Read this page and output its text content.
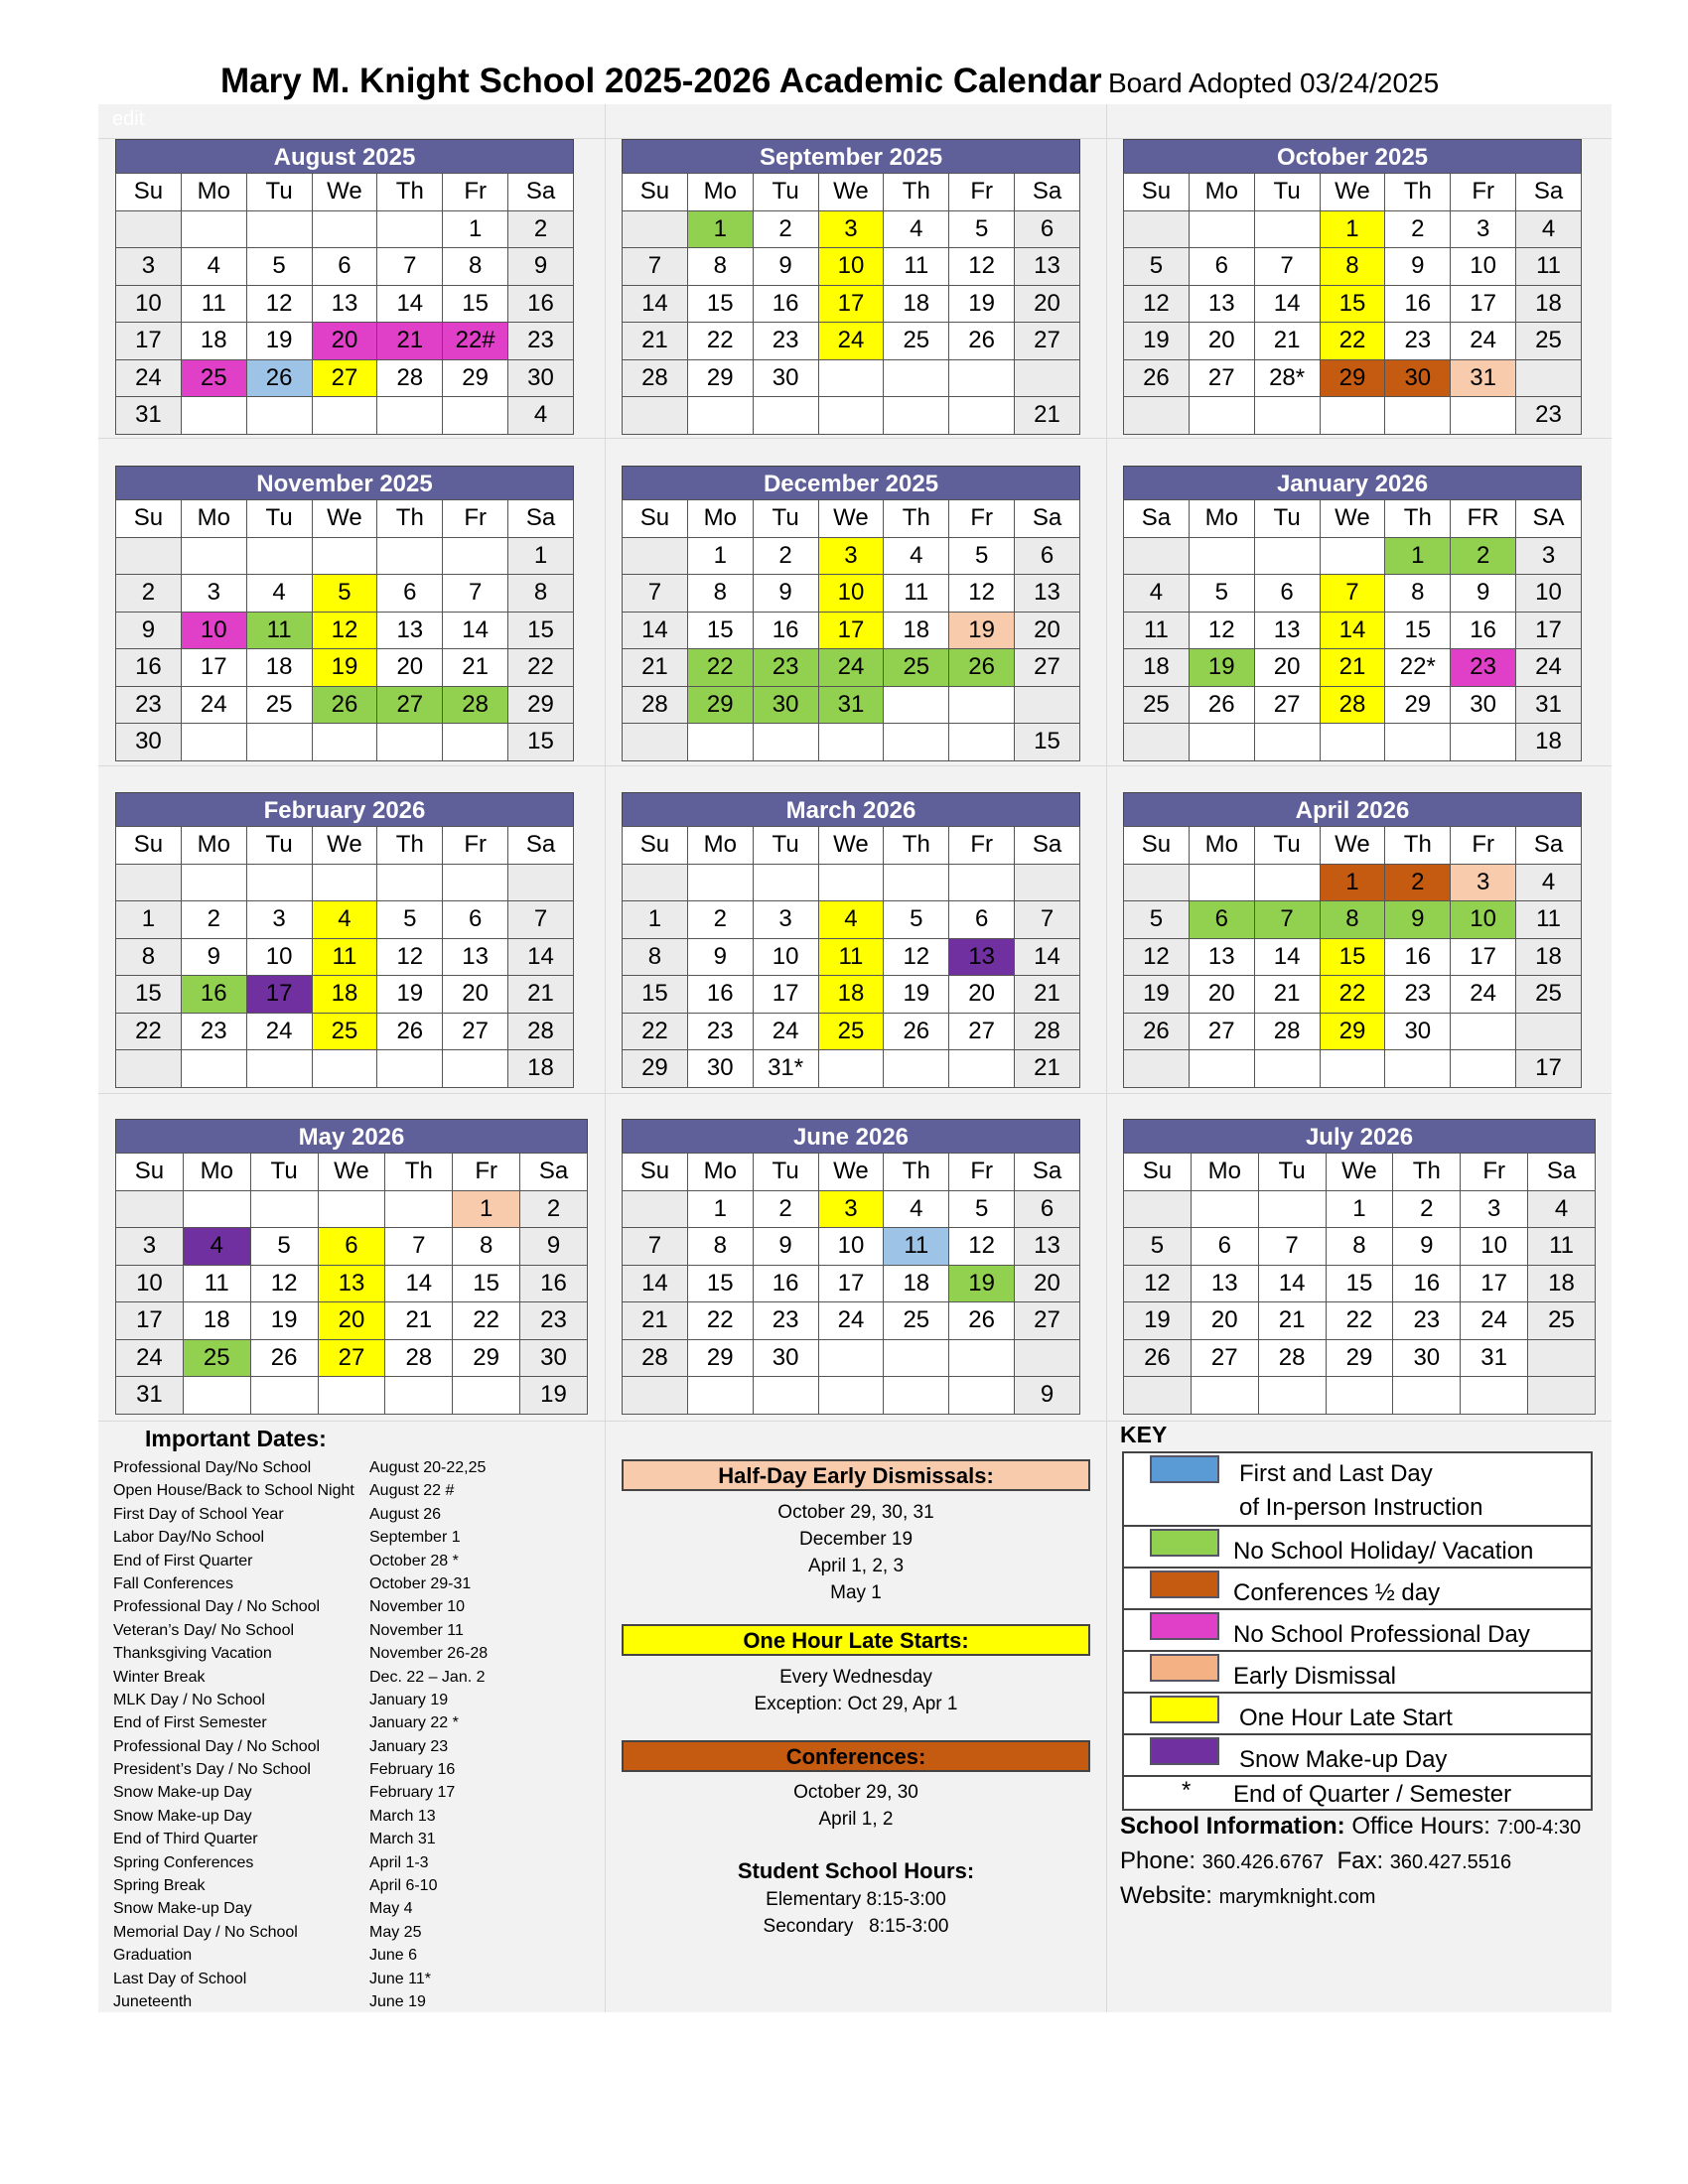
Mary M. Knight School 2025-2026 Academic Calendar Board Adopted 03/24/2025
edit
August 2025
Su	Mo	Tu	We	Th	Fr	Sa
					1	2
3	4	5	6	7	8	9
10	11	12	13	14	15	16
17	18	19	20	21	22#	23
24	25	26	27	28	29	30
31						4
September 2025
Su	Mo	Tu	We	Th	Fr	Sa
	1	2	3	4	5	6
7	8	9	10	11	12	13
14	15	16	17	18	19	20
21	22	23	24	25	26	27
28	29	30				
						21
October 2025
Su	Mo	Tu	We	Th	Fr	Sa
			1	2	3	4
5	6	7	8	9	10	11
12	13	14	15	16	17	18
19	20	21	22	23	24	25
26	27	28*	29	30	31	
						23
November 2025
Su	Mo	Tu	We	Th	Fr	Sa
						1
2	3	4	5	6	7	8
9	10	11	12	13	14	15
16	17	18	19	20	21	22
23	24	25	26	27	28	29
30						15
December 2025
Su	Mo	Tu	We	Th	Fr	Sa
	1	2	3	4	5	6
7	8	9	10	11	12	13
14	15	16	17	18	19	20
21	22	23	24	25	26	27
28	29	30	31			
						15
January 2026
Sa	Mo	Tu	We	Th	FR	SA
				1	2	3
4	5	6	7	8	9	10
11	12	13	14	15	16	17
18	19	20	21	22*	23	24
25	26	27	28	29	30	31
						18
February 2026
Su	Mo	Tu	We	Th	Fr	Sa

1	2	3	4	5	6	7
8	9	10	11	12	13	14
15	16	17	18	19	20	21
22	23	24	25	26	27	28
						18
March 2026
Su	Mo	Tu	We	Th	Fr	Sa

1	2	3	4	5	6	7
8	9	10	11	12	13	14
15	16	17	18	19	20	21
22	23	24	25	26	27	28
29	30	31*				21
April 2026
Su	Mo	Tu	We	Th	Fr	Sa
			1	2	3	4
5	6	7	8	9	10	11
12	13	14	15	16	17	18
19	20	21	22	23	24	25
26	27	28	29	30		
						17
May 2026
Su	Mo	Tu	We	Th	Fr	Sa
					1	2
3	4	5	6	7	8	9
10	11	12	13	14	15	16
17	18	19	20	21	22	23
24	25	26	27	28	29	30
31						19
June 2026
Su	Mo	Tu	We	Th	Fr	Sa
	1	2	3	4	5	6
7	8	9	10	11	12	13
14	15	16	17	18	19	20
21	22	23	24	25	26	27
28	29	30				
						9
July 2026
Su	Mo	Tu	We	Th	Fr	Sa
			1	2	3	4
5	6	7	8	9	10	11
12	13	14	15	16	17	18
19	20	21	22	23	24	25
26	27	28	29	30	31	

Important Dates:
Professional Day/No School	August 20-22,25
Open House/Back to School Night August 22 #
First Day of School Year	August 26
Labor Day/No School	September 1
End of First Quarter	October 28 *
Fall Conferences	October 29-31
Professional Day / No School	November 10
Veteran’s Day/ No School	November 11
Thanksgiving Vacation	November 26-28
Winter Break	Dec. 22 – Jan. 2
MLK Day / No School	January 19
End of First Semester	January 22 *
Professional Day / No School	January 23
President’s Day / No School	February 16
Snow Make-up Day	February 17
Snow Make-up Day	March 13
End of Third Quarter	March 31
Spring Conferences	April 1-3
Spring Break	April 6-10
Snow Make-up Day	May 4
Memorial Day / No School	May 25
Graduation	June 6
Last Day of School	June 11*
Juneteenth	June 19
Half-Day Early Dismissals:
October 29, 30, 31
December 19
April 1, 2, 3
May 1
One Hour Late Starts:
Every Wednesday
Exception: Oct 29, Apr 1
Conferences:
October 29, 30
April 1, 2
Student School Hours:
Elementary 8:15-3:00
Secondary   8:15-3:00
KEY
First and Last Day
of In-person Instruction
No School Holiday/ Vacation
Conferences ½ day
No School Professional Day
Early Dismissal
One Hour Late Start
Snow Make-up Day
* End of Quarter / Semester
School Information: Office Hours: 7:00-4:30
Phone: 360.426.6767 Fax: 360.427.5516
Website: marymknight.com
